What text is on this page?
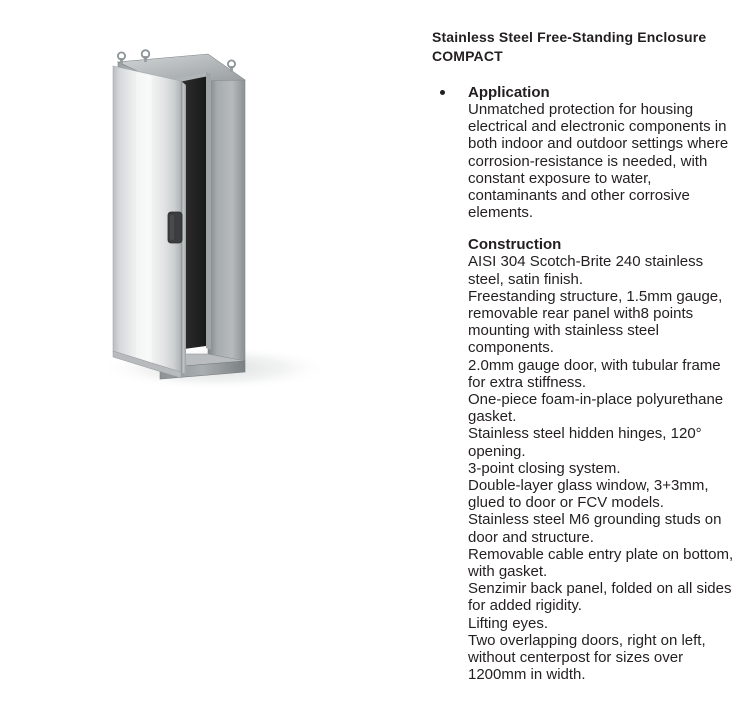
Stainless Steel Free-Standing Enclosure
COMPACT
Application

Unmatched protection for housing
electrical and electronic components in
both indoor and outdoor settings where
corrosion-resistance is needed, with
constant exposure to water,
contaminants and other corrosive
elements.

Construction

AISI 304 Scotch-Brite 240 stainless
steel, satin finish.
Freestanding structure, 1.5mm gauge,
removable rear panel with8 points
mounting with stainless steel
components.
2.0mm gauge door, with tubular frame
for extra stiffness.
One-piece foam-in-place polyurethane
gasket.
Stainless steel hidden hinges, 120°
opening.
3-point closing system.
Double-layer glass window, 3+3mm,
glued to door or FCV models.
Stainless steel M6 grounding studs on
door and structure.
Removable cable entry plate on bottom,
with gasket.
Senzimir back panel, folded on all sides
for added rigidity.
Lifting eyes.
Two overlapping doors, right on left,
without centerpost for sizes over
1200mm in width.
